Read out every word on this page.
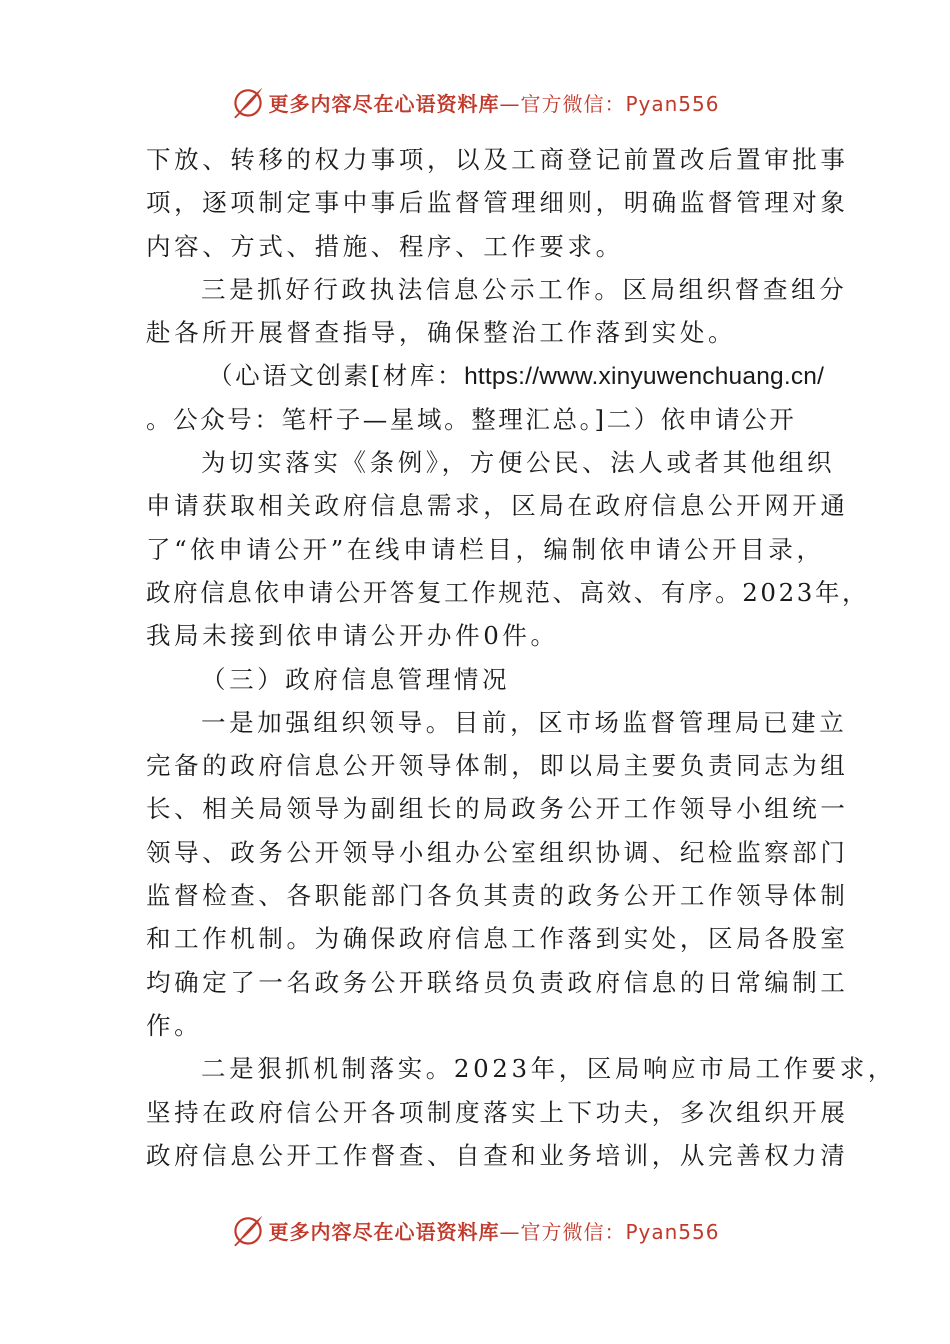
更多内容尽在心语资料库 —官方微信：Pyan556
下放、转移的权力事项，以及工商登记前置改后置审批事
项，逐项制定事中事后监督管理细则，明确监督管理对象
内容、方式、措施、程序、工作要求。
三是抓好行政执法信息公示工作。区局组织督查组分
赴各所开展督查指导，确保整治工作落到实处。
（心语文创素[材库：https://www.xinyuwenchuang.cn/
。公众号：笔杆子—星域。整理汇总。]二）依申请公开
为切实落实《条例》，方便公民、法人或者其他组织
申请获取相关政府信息需求，区局在政府信息公开网开通
了“依申请公开”在线申请栏目，编制依申请公开目录，
政府信息依申请公开答复工作规范、高效、有序。2023年，
我局未接到依申请公开办件0件。
（三）政府信息管理情况
一是加强组织领导。目前，区市场监督管理局已建立
完备的政府信息公开领导体制，即以局主要负责同志为组
长、相关局领导为副组长的局政务公开工作领导小组统一
领导、政务公开领导小组办公室组织协调、纪检监察部门
监督检查、各职能部门各负其责的政务公开工作领导体制
和工作机制。为确保政府信息工作落到实处，区局各股室
均确定了一名政务公开联络员负责政府信息的日常编制工
作。
二是狠抓机制落实。2023年，区局响应市局工作要求，
坚持在政府信公开各项制度落实上下功夫，多次组织开展
政府信息公开工作督查、自查和业务培训，从完善权力清
更多内容尽在心语资料库 —官方微信：Pyan556
